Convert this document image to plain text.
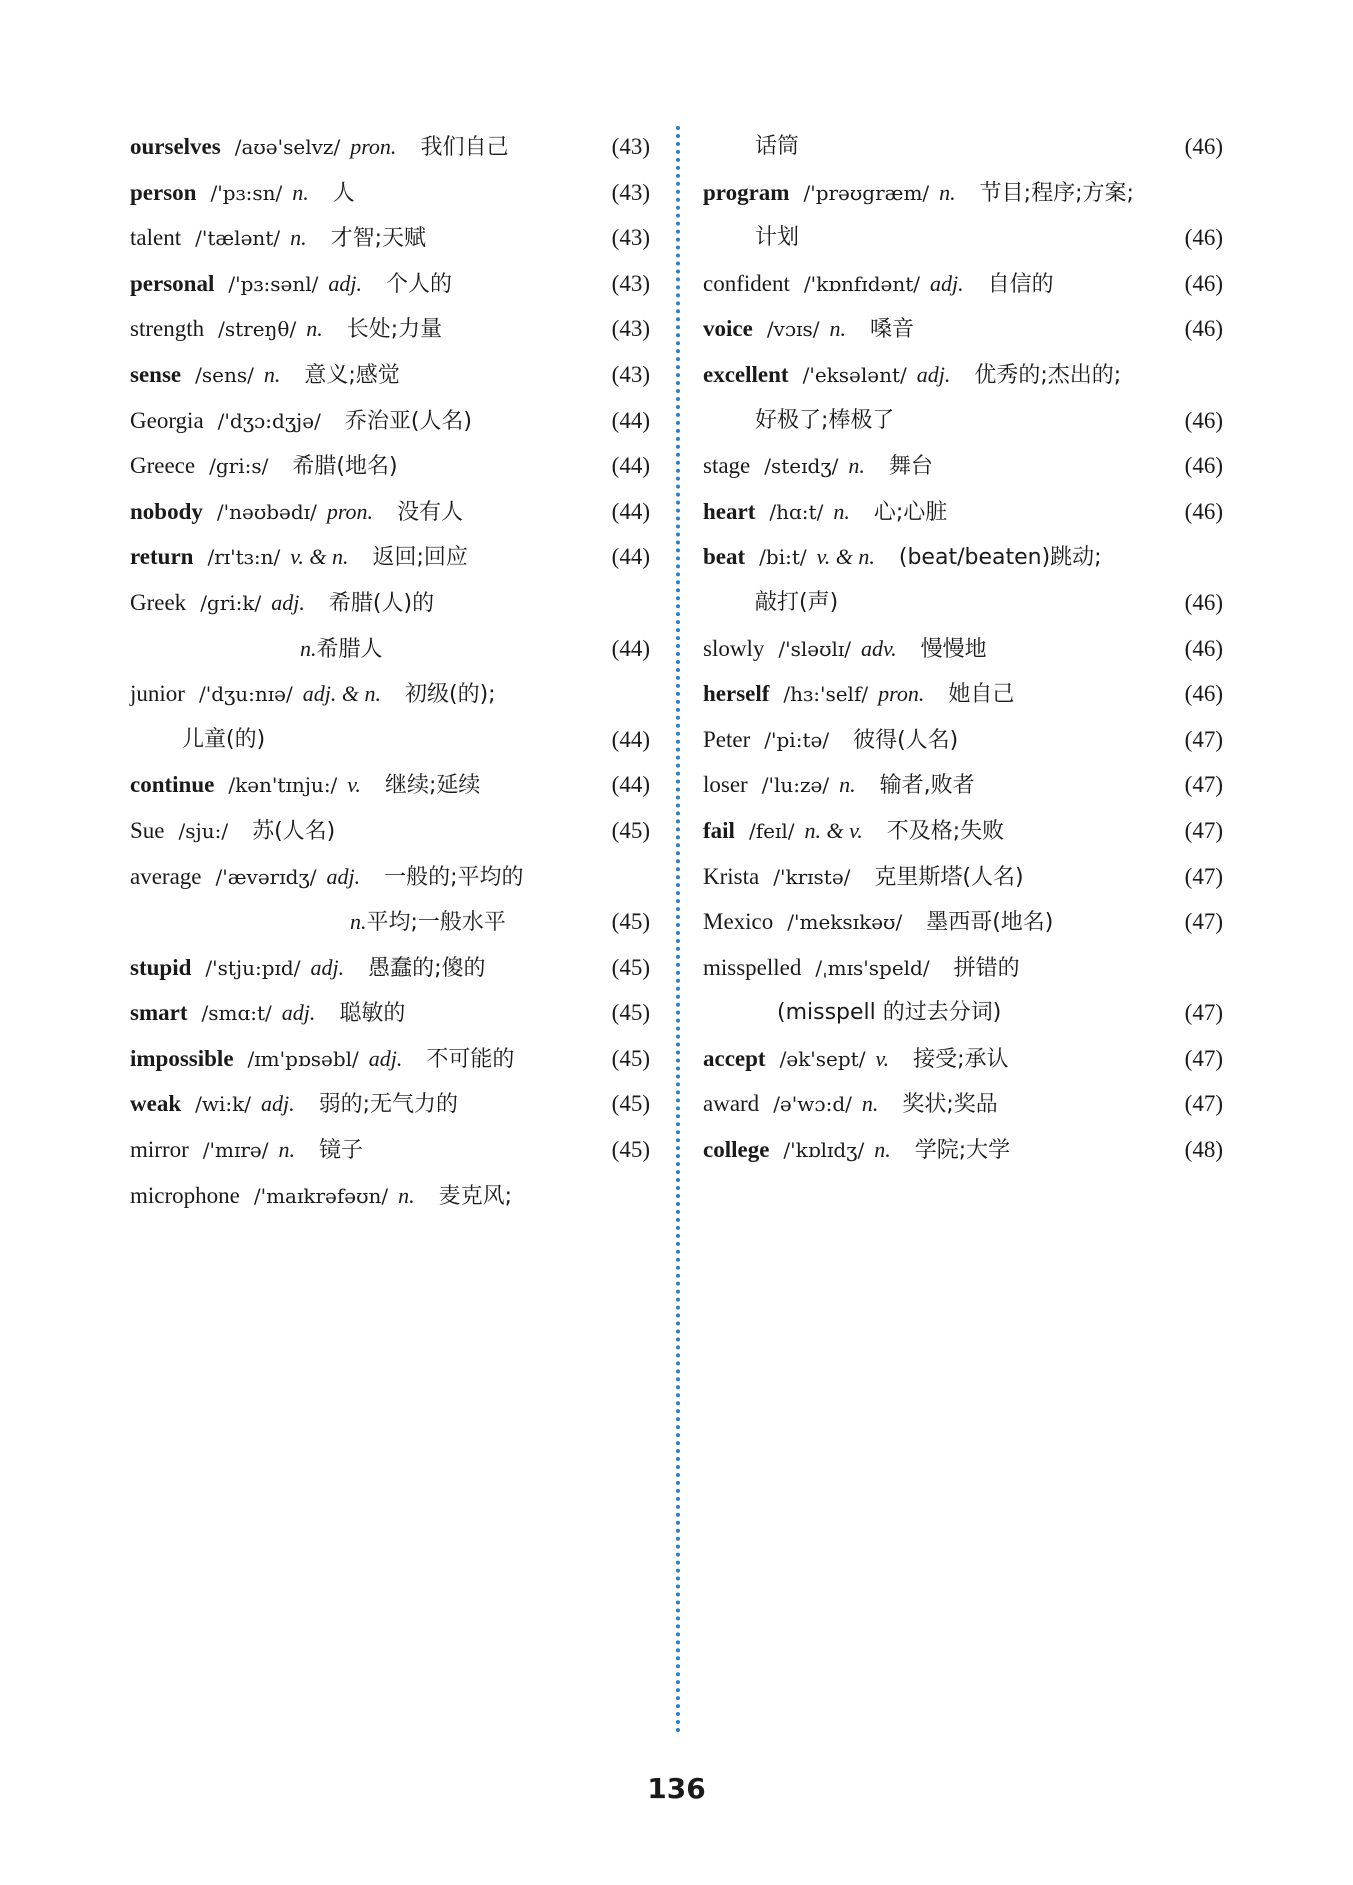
ourselves /aʊə'selvz/ pron. 我们自己	(43)
person /'pɜ:sn/ n. 人	(43)
talent /'tælənt/ n. 才智;天赋	(43)
personal /'pɜ:sənl/ adj. 个人的	(43)
strength /streŋθ/ n. 长处;力量	(43)
sense /sens/ n. 意义;感觉	(43)
Georgia /'dʒɔ:dʒjə/ 乔治亚(人名)	(44)
Greece /gri:s/ 希腊(地名)	(44)
nobody /'nəʊbədɪ/ pron. 没有人	(44)
return /rɪ'tɜ:n/ v. & n. 返回;回应	(44)
Greek /gri:k/ adj. 希腊(人)的
n.希腊人	(44)
junior /'dʒu:nɪə/ adj. & n. 初级(的);
儿童(的)	(44)
continue /kən'tɪnju:/ v. 继续;延续	(44)
Sue /sju:/ 苏(人名)	(45)
average /'ævərɪdʒ/ adj. 一般的;平均的
n.平均;一般水平	(45)
stupid /'stju:pɪd/ adj. 愚蠢的;傻的	(45)
smart /smɑ:t/ adj. 聪敏的	(45)
impossible /ɪm'pɒsəbl/ adj. 不可能的	(45)
weak /wi:k/ adj. 弱的;无气力的	(45)
mirror /'mɪrə/ n. 镜子	(45)
microphone /'maɪkrəfəʊn/ n. 麦克风;
话筒	(46)
program /'prəʊgræm/ n. 节目;程序;方案;
计划	(46)
confident /'kɒnfɪdənt/ adj. 自信的	(46)
voice /vɔɪs/ n. 嗓音	(46)
excellent /'eksələnt/ adj. 优秀的;杰出的;
好极了;棒极了	(46)
stage /steɪdʒ/ n. 舞台	(46)
heart /hɑ:t/ n. 心;心脏	(46)
beat /bi:t/ v. & n. (beat/beaten)跳动;
敲打(声)	(46)
slowly /'sləʊlɪ/ adv. 慢慢地	(46)
herself /hɜ:'self/ pron. 她自己	(46)
Peter /'pi:tə/ 彼得(人名)	(47)
loser /'lu:zə/ n. 输者,败者	(47)
fail /feɪl/ n. & v. 不及格;失败	(47)
Krista /'krɪstə/ 克里斯塔(人名)	(47)
Mexico /'meksɪkəʊ/ 墨西哥(地名)	(47)
misspelled /ˌmɪs'speld/ 拼错的
(misspell 的过去分词)	(47)
accept /ək'sept/ v. 接受;承认	(47)
award /ə'wɔ:d/ n. 奖状;奖品	(47)
college /'kɒlɪdʒ/ n. 学院;大学	(48)
136
